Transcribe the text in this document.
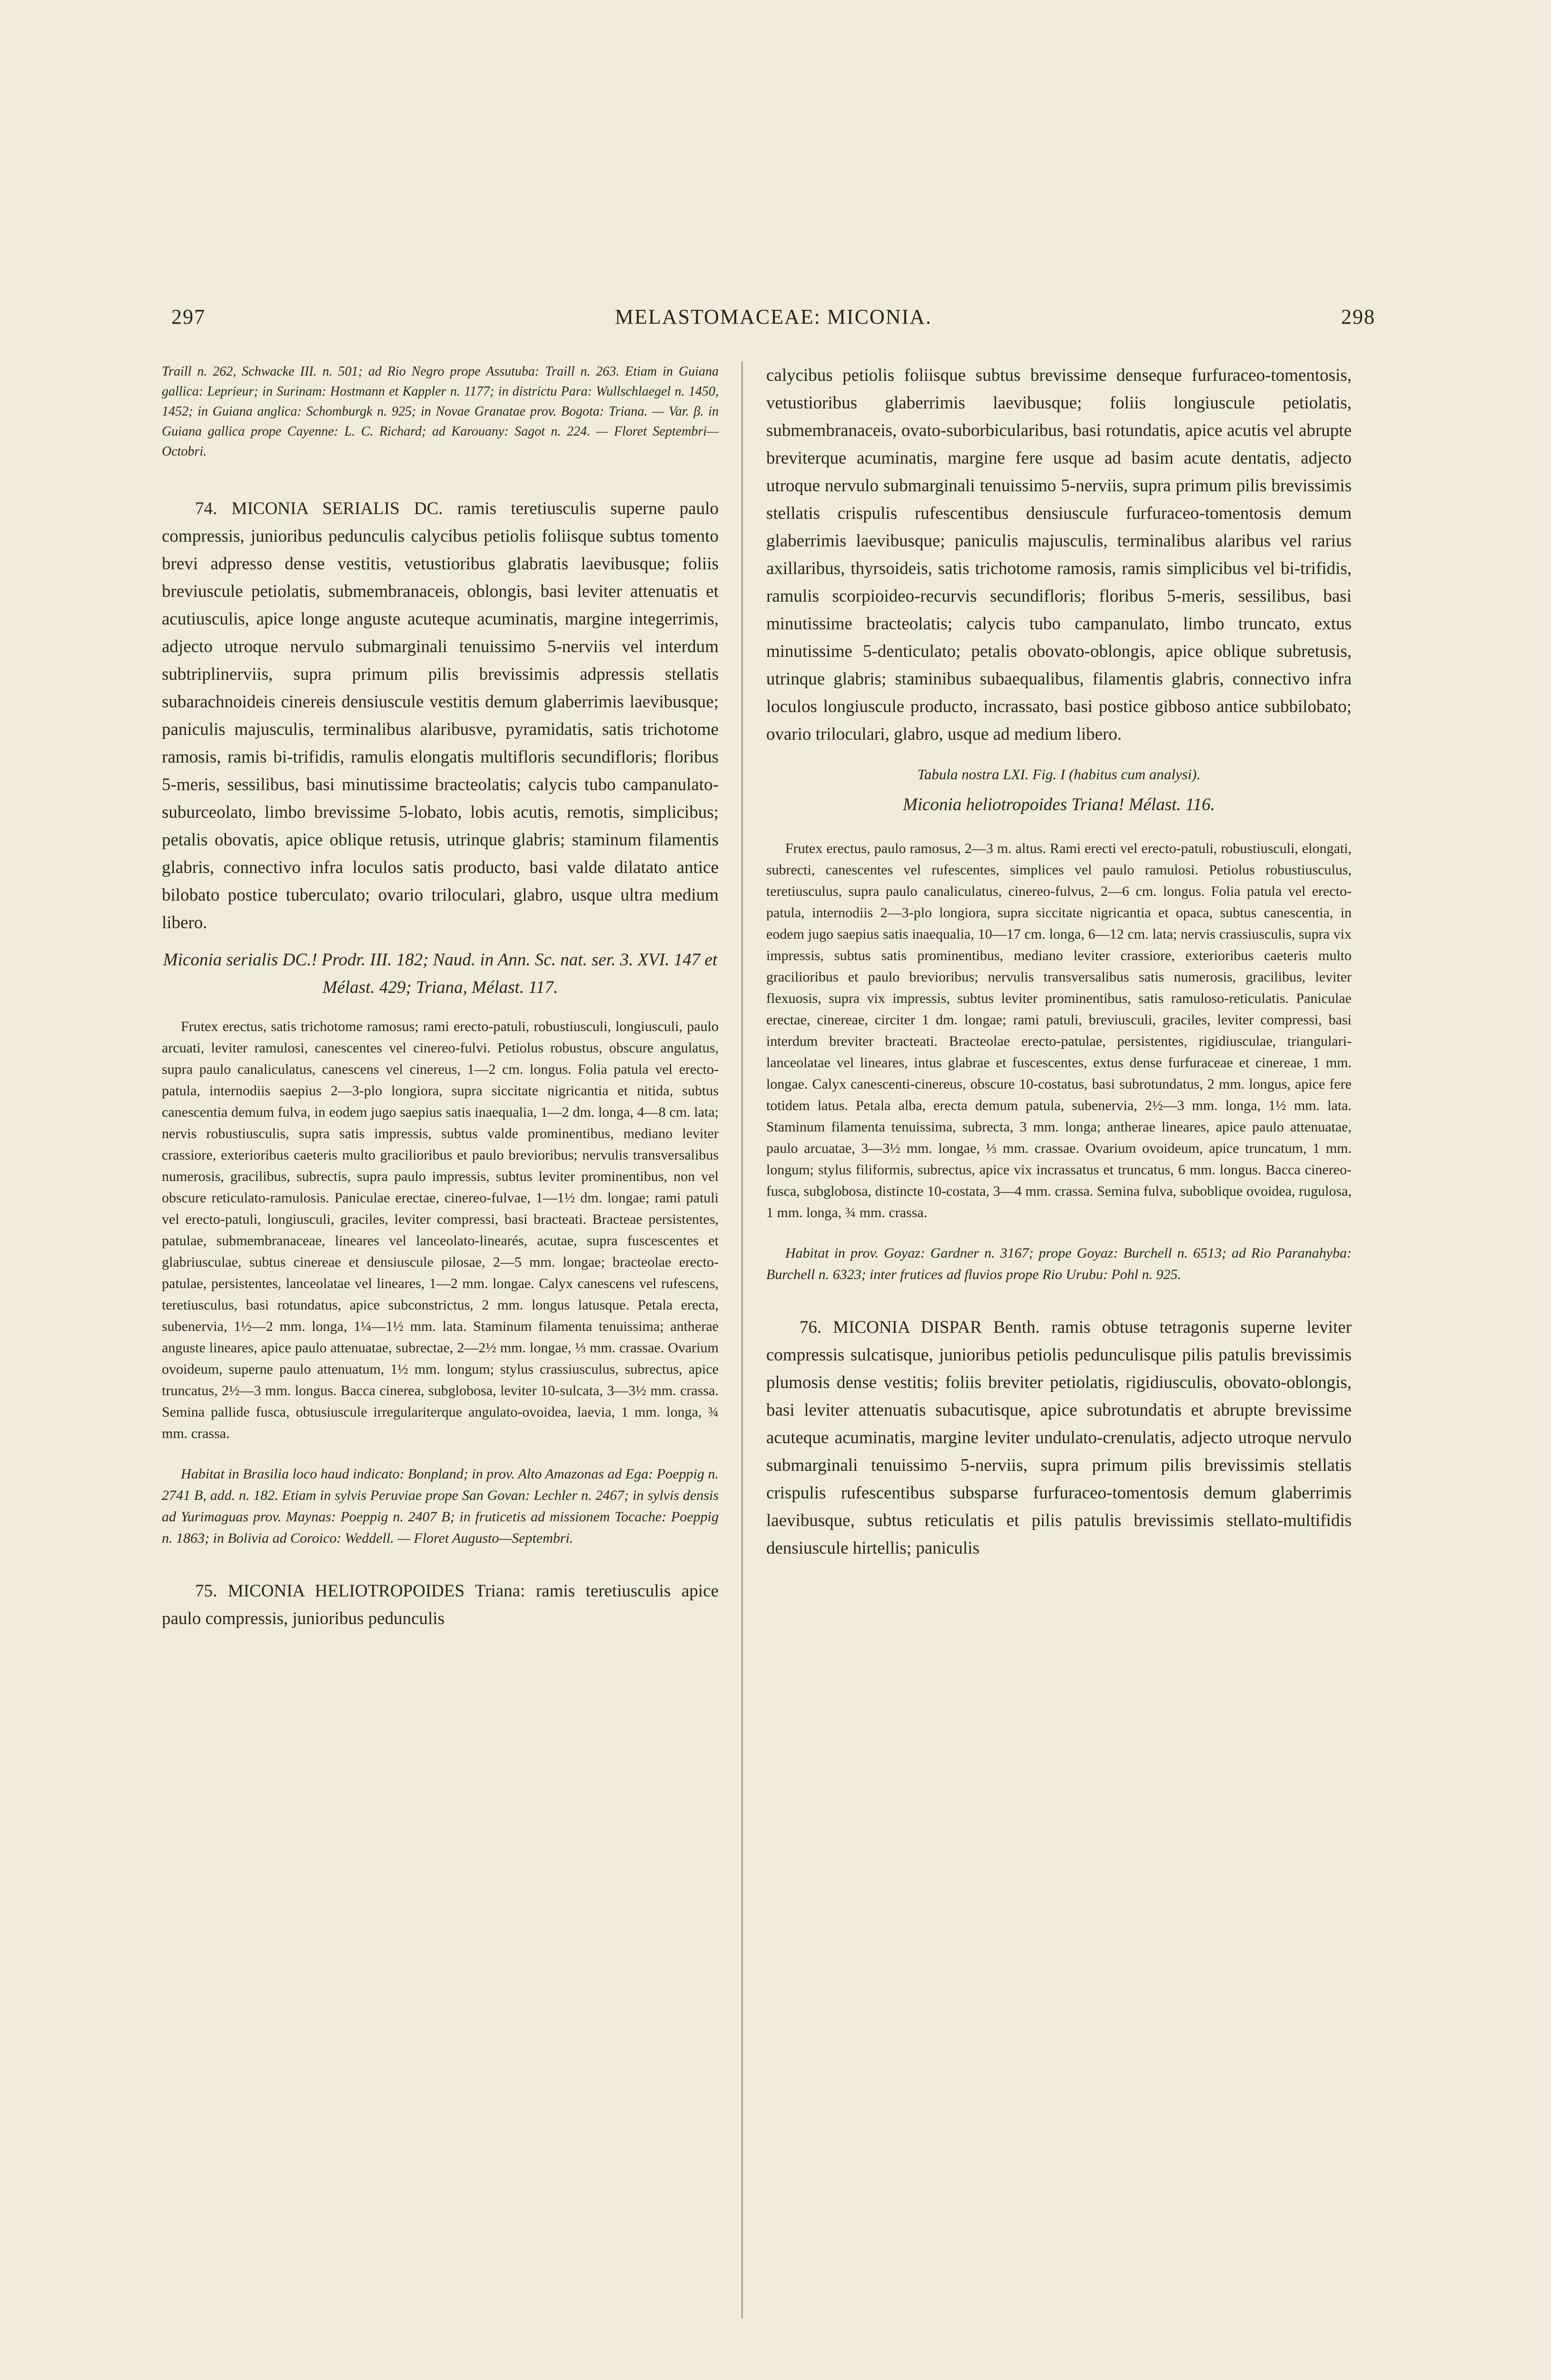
297	MELASTOMACEAE: MICONIA.	298

Traill n. 262, Schwacke III. n. 501; ad Rio Negro prope Assutuba: Traill n. 263. Etiam in Guiana gallica: Leprieur; in Surinam: Hostmann et Kappler n. 1177; in districtu Para: Wullschlaegel n. 1450, 1452; in Guiana anglica: Schomburgk n. 925; in Novae Granatae prov. Bogota: Triana. — Var. β. in Guiana gallica prope Cayenne: L. C. Richard; ad Karouany: Sagot n. 224. — Floret Septembri—Octobri.

74. MICONIA SERIALIS DC. ramis teretiusculis superne paulo compressis, junioribus pedunculis calycibus petiolis foliisque subtus tomento brevi adpresso dense vestitis, vetustioribus glabratis laevibusque; foliis breviuscule petiolatis, submembranaceis, oblongis, basi leviter attenuatis et acutiusculis, apice longe anguste acuteque acuminatis, margine integerrimis, adjecto utroque nervulo submarginali tenuissimo 5-nerviis vel interdum subtriplinerviis, supra primum pilis brevissimis adpressis stellatis subarachnoideis cinereis densiuscule vestitis demum glaberrimis laevibusque; paniculis majusculis, terminalibus alaribusve, pyramidatis, satis trichotome ramosis, ramis bi-trifidis, ramulis elongatis multifloris secundifloris; floribus 5-meris, sessilibus, basi minutissime bracteolatis; calycis tubo campanulato-suburceolato, limbo brevissime 5-lobato, lobis acutis, remotis, simplicibus; petalis obovatis, apice oblique retusis, utrinque glabris; staminum filamentis glabris, connectivo infra loculos satis producto, basi valde dilatato antice bilobato postice tuberculato; ovario triloculari, glabro, usque ultra medium libero.

Miconia serialis DC.! Prodr. III. 182; Naud. in Ann. Sc. nat. ser. 3. XVI. 147 et Mélast. 429; Triana, Mélast. 117.

Frutex erectus, satis trichotome ramosus; rami erecto-patuli, robustiusculi, longiusculi, paulo arcuati, leviter ramulosi, canescentes vel cinereo-fulvi. Petiolus robustus, obscure angulatus, supra paulo canaliculatus, canescens vel cinereus, 1—2 cm. longus. Folia patula vel erecto-patula, internodiis saepius 2—3-plo longiora, supra siccitate nigricantia et nitida, subtus canescentia demum fulva, in eodem jugo saepius satis inaequalia, 1—2 dm. longa, 4—8 cm. lata; nervis robustiusculis, supra satis impressis, subtus valde prominentibus, mediano leviter crassiore, exterioribus caeteris multo gracilioribus et paulo brevioribus; nervulis transversalibus numerosis, gracilibus, subrectis, supra paulo impressis, subtus leviter prominentibus, non vel obscure reticulato-ramulosis. Paniculae erectae, cinereo-fulvae, 1—1½ dm. longae; rami patuli vel erecto-patuli, longiusculi, graciles, leviter compressi, basi bracteati. Bracteae persistentes, patulae, submembranaceae, lineares vel lanceolato-linearés, acutae, supra fuscescentes et glabriusculae, subtus cinereae et densiuscule pilosae, 2—5 mm. longae; bracteolae erecto-patulae, persistentes, lanceolatae vel lineares, 1—2 mm. longae. Calyx canescens vel rufescens, teretiusculus, basi rotundatus, apice subconstrictus, 2 mm. longus latusque. Petala erecta, subenervia, 1½—2 mm. longa, 1¼—1½ mm. lata. Staminum filamenta tenuissima; antherae anguste lineares, apice paulo attenuatae, subrectae, 2—2½ mm. longae, ⅓ mm. crassae. Ovarium ovoideum, superne paulo attenuatum, 1½ mm. longum; stylus crassiusculus, subrectus, apice truncatus, 2½—3 mm. longus. Bacca cinerea, subglobosa, leviter 10-sulcata, 3—3½ mm. crassa. Semina pallide fusca, obtusiuscule irregulariterque angulato-ovoidea, laevia, 1 mm. longa, ¾ mm. crassa.

Habitat in Brasilia loco haud indicato: Bonpland; in prov. Alto Amazonas ad Ega: Poeppig n. 2741 B, add. n. 182. Etiam in sylvis Peruviae prope San Govan: Lechler n. 2467; in sylvis densis ad Yurimaguas prov. Maynas: Poeppig n. 2407 B; in fruticetis ad missionem Tocache: Poeppig n. 1863; in Bolivia ad Coroico: Weddell. — Floret Augusto—Septembri.

75. MICONIA HELIOTROPOIDES Triana: ramis teretiusculis apice paulo compressis, junioribus pedunculis

calycibus petiolis foliisque subtus brevissime denseque furfuraceo-tomentosis, vetustioribus glaberrimis laevibusque; foliis longiuscule petiolatis, submembranaceis, ovato-suborbicularibus, basi rotundatis, apice acutis vel abrupte breviterque acuminatis, margine fere usque ad basim acute dentatis, adjecto utroque nervulo submarginali tenuissimo 5-nerviis, supra primum pilis brevissimis stellatis crispulis rufescentibus densiuscule furfuraceo-tomentosis demum glaberrimis laevibusque; paniculis majusculis, terminalibus alaribus vel rarius axillaribus, thyrsoideis, satis trichotome ramosis, ramis simplicibus vel bi-trifidis, ramulis scorpioideo-recurvis secundifloris; floribus 5-meris, sessilibus, basi minutissime bracteolatis; calycis tubo campanulato, limbo truncato, extus minutissime 5-denticulato; petalis obovato-oblongis, apice oblique subretusis, utrinque glabris; staminibus subaequalibus, filamentis glabris, connectivo infra loculos longiuscule producto, incrassato, basi postice gibboso antice subbilobato; ovario triloculari, glabro, usque ad medium libero.

Tabula nostra LXI. Fig. I (habitus cum analysi).

Miconia heliotropoides Triana! Mélast. 116.

Frutex erectus, paulo ramosus, 2—3 m. altus. Rami erecti vel erecto-patuli, robustiusculi, elongati, subrecti, canescentes vel rufescentes, simplices vel paulo ramulosi. Petiolus robustiusculus, teretiusculus, supra paulo canaliculatus, cinereo-fulvus, 2—6 cm. longus. Folia patula vel erecto-patula, internodiis 2—3-plo longiora, supra siccitate nigricantia et opaca, subtus canescentia, in eodem jugo saepius satis inaequalia, 10—17 cm. longa, 6—12 cm. lata; nervis crassiusculis, supra vix impressis, subtus satis prominentibus, mediano leviter crassiore, exterioribus caeteris multo gracilioribus et paulo brevioribus; nervulis transversalibus satis numerosis, gracilibus, leviter flexuosis, supra vix impressis, subtus leviter prominentibus, satis ramuloso-reticulatis. Paniculae erectae, cinereae, circiter 1 dm. longae; rami patuli, breviusculi, graciles, leviter compressi, basi interdum breviter bracteati. Bracteolae erecto-patulae, persistentes, rigidiusculae, triangulari-lanceolatae vel lineares, intus glabrae et fuscescentes, extus dense furfuraceae et cinereae, 1 mm. longae. Calyx canescenti-cinereus, obscure 10-costatus, basi subrotundatus, 2 mm. longus, apice fere totidem latus. Petala alba, erecta demum patula, subenervia, 2½—3 mm. longa, 1½ mm. lata. Staminum filamenta tenuissima, subrecta, 3 mm. longa; antherae lineares, apice paulo attenuatae, paulo arcuatae, 3—3½ mm. longae, ⅓ mm. crassae. Ovarium ovoideum, apice truncatum, 1 mm. longum; stylus filiformis, subrectus, apice vix incrassatus et truncatus, 6 mm. longus. Bacca cinereo-fusca, subglobosa, distincte 10-costata, 3—4 mm. crassa. Semina fulva, suboblique ovoidea, rugulosa, 1 mm. longa, ¾ mm. crassa.

Habitat in prov. Goyaz: Gardner n. 3167; prope Goyaz: Burchell n. 6513; ad Rio Paranahyba: Burchell n. 6323; inter frutices ad fluvios prope Rio Urubu: Pohl n. 925.

76. MICONIA DISPAR Benth. ramis obtuse tetragonis superne leviter compressis sulcatisque, junioribus petiolis pedunculisque pilis patulis brevissimis plumosis dense vestitis; foliis breviter petiolatis, rigidiusculis, obovato-oblongis, basi leviter attenuatis subacutisque, apice subrotundatis et abrupte brevissime acuteque acuminatis, margine leviter undulato-crenulatis, adjecto utroque nervulo submarginali tenuissimo 5-nerviis, supra primum pilis brevissimis stellatis crispulis rufescentibus subsparse furfuraceo-tomentosis demum glaberrimis laevibusque, subtus reticulatis et pilis patulis brevissimis stellato-multifidis densiuscule hirtellis; paniculis
